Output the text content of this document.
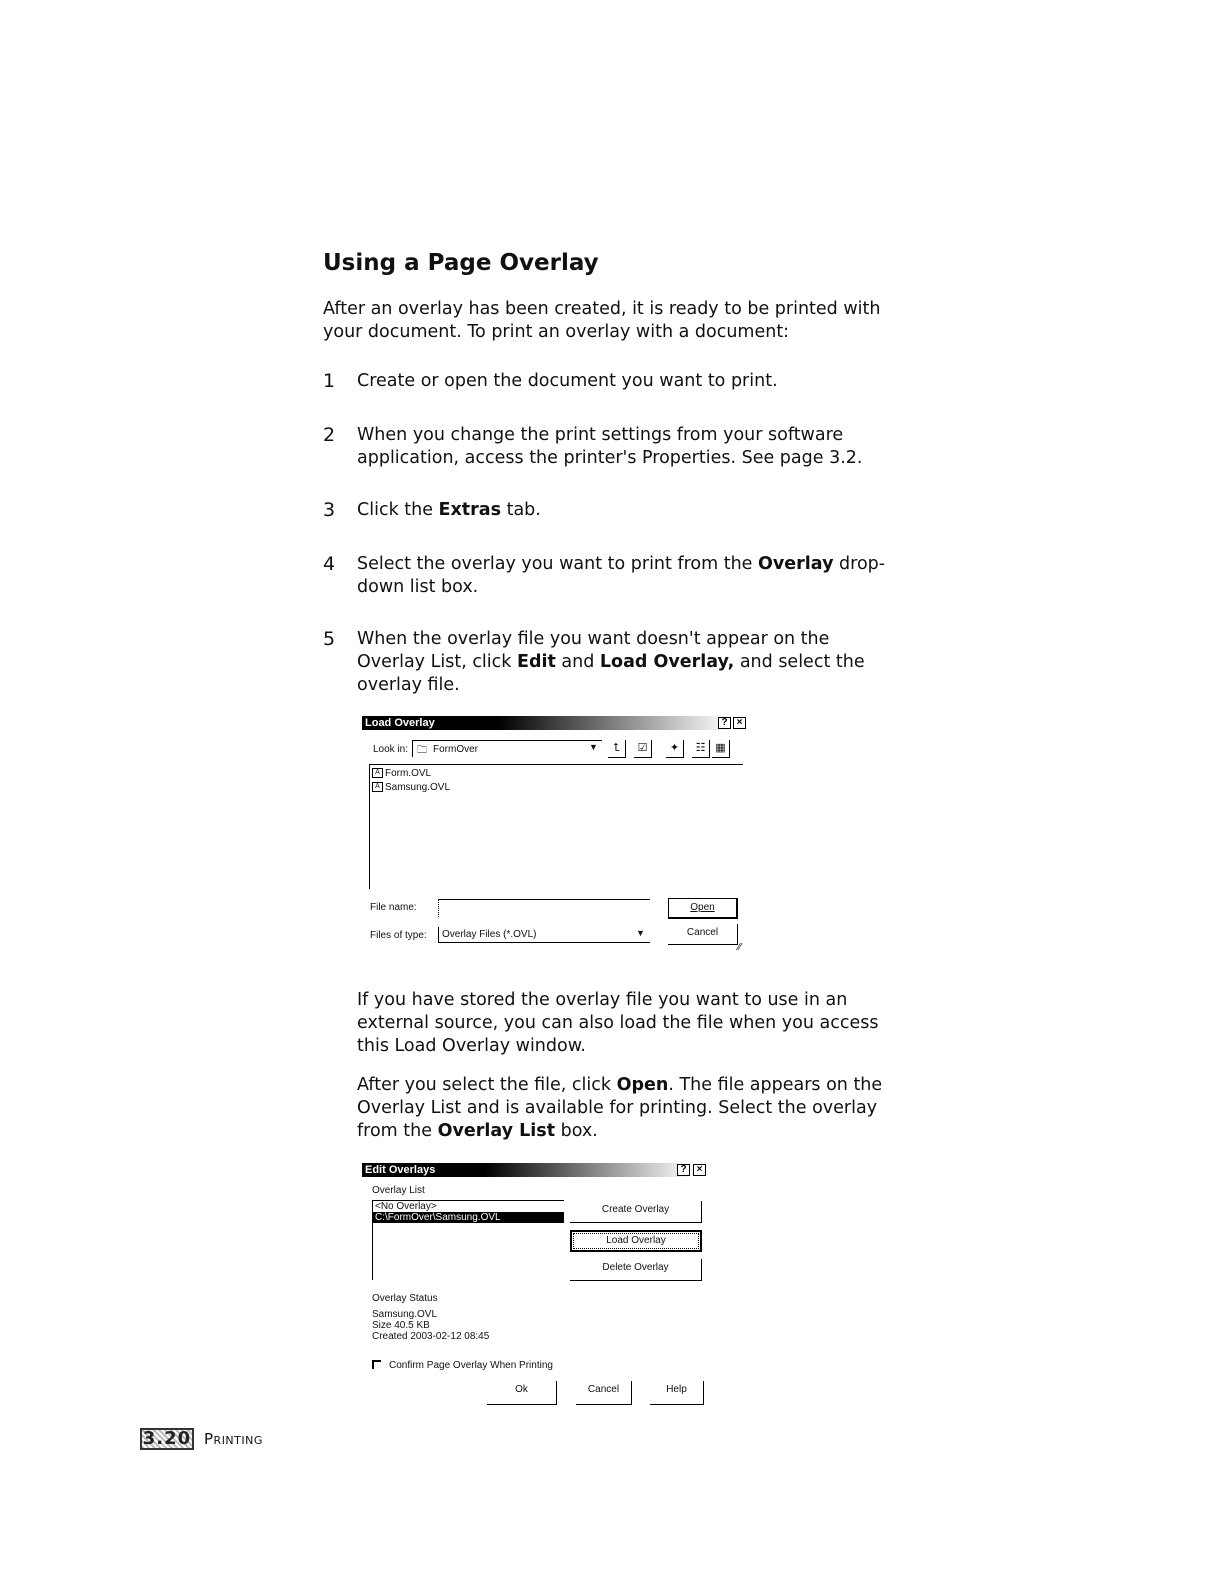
Using a Page Overlay
After an overlay has been created, it is ready to be printed with your document. To print an overlay with a document:
1 Create or open the document you want to print.
2 When you change the print settings from your software application, access the printer's Properties. See page 3.2.
3 Click the Extras tab.
4 Select the overlay you want to print from the Overlay drop-down list box.
5 When the overlay file you want doesn't appear on the Overlay List, click Edit and Load Overlay, and select the overlay file.
Load Overlay	? ×
Look in: 🗀 FormOver	▼	⮤	☑	✦	☷ ▦
A Form.OVL
A Samsung.OVL
File name:
Files of type: Overlay Files (*.OVL)	▼
Open
Cancel
⁄⁄
If you have stored the overlay file you want to use in an external source, you can also load the file when you access this Load Overlay window.
After you select the file, click Open. The file appears on the Overlay List and is available for printing. Select the overlay from the Overlay List box.
Edit Overlays	?	×
Overlay List
<No Overlay>
C:\FormOver\Samsung.OVL
Create Overlay
Load Overlay
Delete Overlay
Overlay Status
Samsung.OVL
Size 40.5 KB
Created 2003-02-12 08:45
Confirm Page Overlay When Printing
Ok	Cancel	Help
3.20 Printing
